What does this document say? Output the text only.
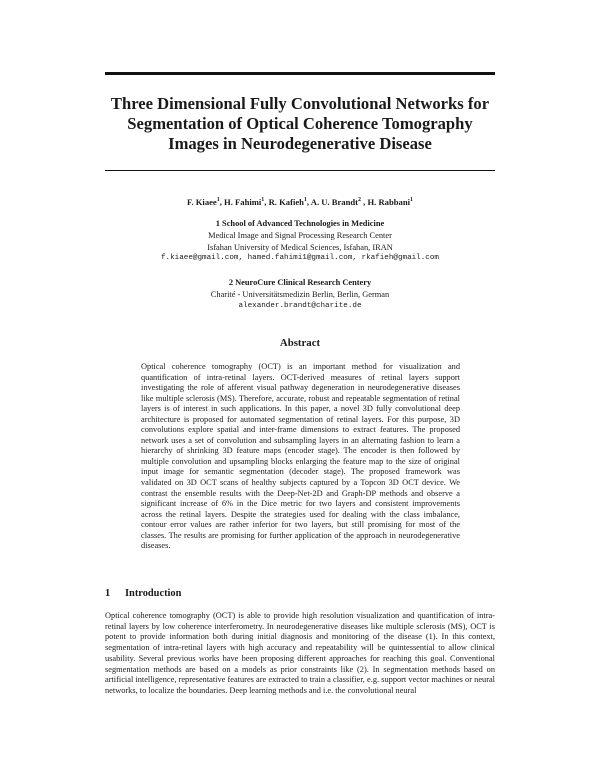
Three Dimensional Fully Convolutional Networks for
Segmentation of Optical Coherence Tomography
Images in Neurodegenerative Disease
F. Kiaee$^1$, H. Fahimi$^1$, R. Kafieh$^1$, A. U. Brandt$^2$ , H. Rabbani$^1$
1 School of Advanced Technologies in Medicine
Medical Image and Signal Processing Research Center
Isfahan University of Medical Sciences, Isfahan, IRAN
f.kiaee@gmail.com, hamed.fahimi1@gmail.com, rkafieh@gmail.com
2 NeuroCure Clinical Research Centery
Charité - Universitätsmedizin Berlin, Berlin, German
alexander.brandt@charite.de
Abstract

Optical coherence tomography (OCT) is an important method for visualization and quantification of intra-retinal layers. OCT-derived measures of retinal layers support investigating the role of afferent visual pathway degeneration in neurodegenerative diseases like multiple sclerosis (MS). Therefore, accurate, robust and repeatable segmentation of retinal layers is of interest in such applications. In this paper, a novel 3D fully convolutional deep architecture is proposed for automated segmentation of retinal layers. For this purpose, 3D convolutions explore spatial and inter-frame dimensions to extract features. The proposed network uses a set of convolution and subsampling layers in an alternating fashion to learn a hierarchy of shrinking 3D feature maps (encoder stage). The encoder is then followed by multiple convolution and upsampling blocks enlarging the feature map to the size of original input image for semantic segmentation (decoder stage). The proposed framework was validated on 3D OCT scans of healthy subjects captured by a Topcon 3D OCT device. We contrast the ensemble results with the Deep-Net-2D and Graph-DP methods and observe a significant increase of 6% in the Dice metric for two layers and consistent improvements across the retinal layers. Despite the strategies used for dealing with the class imbalance, contour error values are rather inferior for two layers, but still promising for most of the classes. The results are promising for further application of the approach in neurodegenerative diseases.

1 Introduction

Optical coherence tomography (OCT) is able to provide high resolution visualization and quantification of intra-retinal layers by low coherence interferometry. In neurodegenerative diseases like multiple sclerosis (MS), OCT is potent to provide information both during initial diagnosis and monitoring of the disease (1). In this context, segmentation of intra-retinal layers with high accuracy and repeatability will be quintessential to allow clinical usability. Several previous works have been proposing different approaches for reaching this goal. Conventional segmentation methods are based on a models as prior constraints like (2). In segmentation methods based on artificial intelligence, representative features are extracted to train a classifier, e.g. support vector machines or neural networks, to localize the boundaries. Deep learning methods and i.e. the convolutional neural
